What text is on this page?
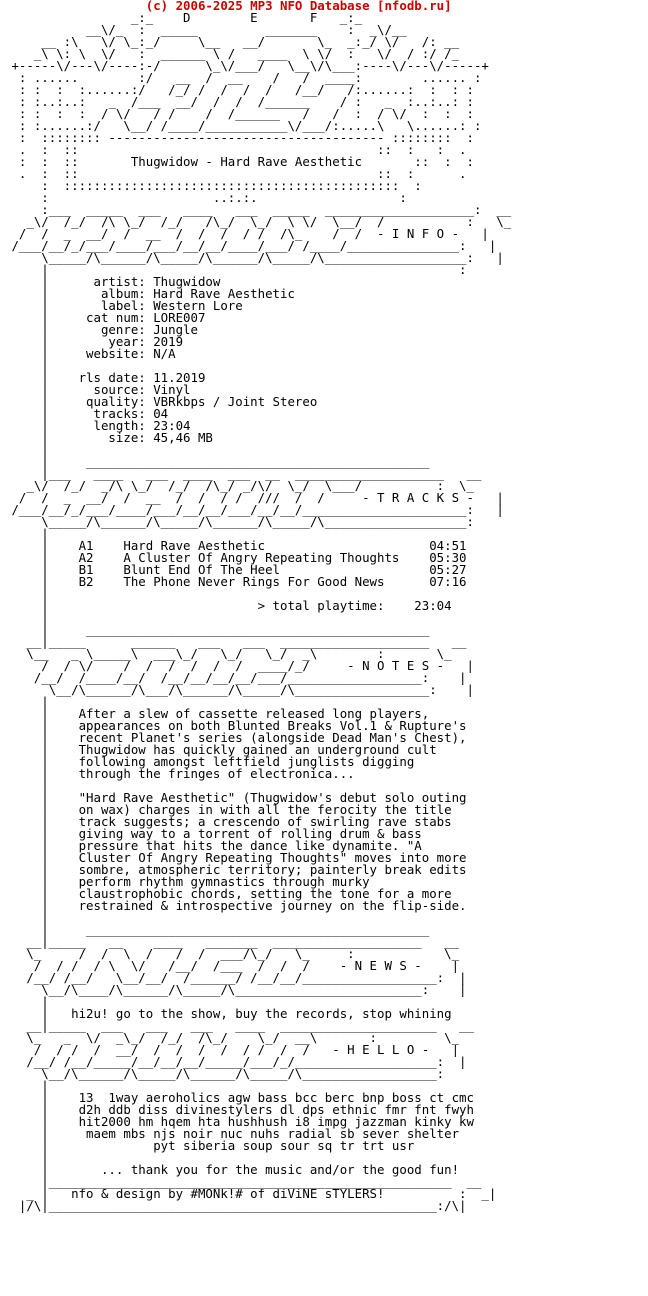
(c) 2006-2025 MP3 NFO Database [nfodb.ru]
_:_    D        E       F   _:_
__\/_  :  _____         _______    :  _\/__
__ :\   \/ \_:_/     \__   __/       \_  _:_/ \/   /: __
_\ \: \  \/   :  ______ \ /   ____  \ \/  :   \/  / :/ /_
+-----\/---\/----:-/      \_\/___/   \__\/\___:----\/---\/-----+
: ......        :/   __  /  __    /   /  ____:        ...... :
: :  :  :......:/   /_/ /  /  /  /   /__/   /:......:  :  : :
: :..:..:   _  /___  __/  /  /  /______    / :   _  :..:..: :
: :  :  :  / \/   / /    /  /______   /   /  :  / \/  :  :  :
: :......:/   \__/ /____/___________\/___/:.....\   \......: :
:  :::::::: ------------------------------------- ::::::::  :
.  :  ::                                        ::  :   :  .
:  :  ::       Thugwidow - Hard Rave Aesthetic       ::  :  :
.  :  ::                                        ::  :      .
:  :::::::::::::::::::::::::::::::::::::::::::::  :
:                      ..:.:.                   :
:___  _____  ___   ____   ___  _____  ____________________:  __
_\/  /_/  /\ \_/  /_/   /\_/  \_/  \ \/  \__/  /           :   \_
/  /  _  __/  /  __  /  /  /  / /  /\_    /  /  - I N F O -   |
/___/__/_/___/____/___/__/__/____/___/ /____/_______________:   |
\_____/\______/\_____/\______/\_____/\___________________:   |
|                                                       :
|      artist: Thugwidow
|       album: Hard Rave Aesthetic
|       label: Western Lore
|     cat num: LORE007
|       genre: Jungle
|        year: 2019
|     website: N/A
|
|    rls date: 11.2019
|      source: Vinyl
|     quality: VBRkbps / Joint Stereo
|      tracks: 04
|      length: 23:04
|        size: 45,46 MB
|
|     ______________________________________________
|___   ____   ___  ____  ___  __  ____________________   __
_\/  /_/  _/\ \_/  /_/  /\_/ _/\/  \_/  \___/          :  \_
/  /  _  __/  /  __  /  /  / /  ///  /  /     - T R A C K S -   |
/___/__/_/___/____/___/__/__/___/__/__/______________________:   |
\_____/\______/\_____/\______/\_____/\___________________:
|
|    A1    Hard Rave Aesthetic                      04:51
|    A2    A Cluster Of Angry Repeating Thoughts    05:30
|    B1    Blunt End Of The Heel                    05:27
|    B2    The Phone Never Rings For Good News      07:16
|
|                            > total playtime:    23:04
|
|     ______________________________________________
__|_____      ______   ___   ___  ____________________   __
\__   _ \_____\  ___\_/   \_/   \_/  _\        :       \_
/  / \/    /  /  /  /  /  /  ____/_/     - N O T E S -   |
/__/  /____/__/  /__/__/__/__/___/__________________:    |
\__/\______/\___/\______/\_____/\__________________:    |
|
|    After a slew of cassette released long players,
|    appearances on both Blunted Breaks Vol.1 & Rupture's
|    recent Planet's series (alongside Dead Man's Chest),
|    Thugwidow has quickly gained an underground cult
|    following amongst leftfield junglists digging
|    through the fringes of electronica...
|
|    "Hard Rave Aesthetic" (Thugwidow's debut solo outing
|    on wax) charges in with all the ferocity the title
|    track suggests; a crescendo of swirling rave stabs
|    giving way to a torrent of rolling drum & bass
|    pressure that hits the dance like dynamite. "A
|    Cluster Of Angry Repeating Thoughts" moves into more
|    sombre, atmospheric territory; painterly break edits
|    perform rhythm gymnastics through murky
|    claustrophobic chords, setting the tone for a more
|    restrained & introspective journey on the flip-side.
|
|     ______________________________________________
__|_____   __    ____   _______  ____________________   __
\_     /  /  \  /   /  /  ___/\_/   \_     :            \_
/  / /  / \  \/   /__/  /___  /  /  /    - N E W S -    |
/__/ /__/   \__/__/  /______/ /__/__/__________________:  |
\__/\____/\______/\_____/\_________________________:    |
|
|   hi2u! go to the show, buy the records, stop whining
__|_____  ___   ___   ___   ____  _____________________   __
\_   _  \/  _\_/  /_/  /\_/    \_/  __\       :         \_
/  / /  /  __/  /  /  /  /  / /  /  /   - H E L L O -   |
/__/ /__/_____/__/__/__/_____/___/_/___________________:  |
\__/\______/\_____/\______/\_____/\__________________:
|
|    13  1way aeroholics agw bass bcc berc bnp boss ct cmc
|    d2h ddb diss divinestylers dl dps ethnic fmr fnt fwyh
|    hit2000 hm hqem hta hushhush i8 impg jazzman kinky kw
|     maem mbs njs noir nuc nuhs radial sb sever shelter
|              pyt siberia soup sour sq tr trt usr
|
|       ... thank you for the music and/or the good fun!
|______________________________________________________  __
_ |   nfo & design by #MONk!# of diViNE sTYLERS!          :  _|
|/\|____________________________________________________:/\|
